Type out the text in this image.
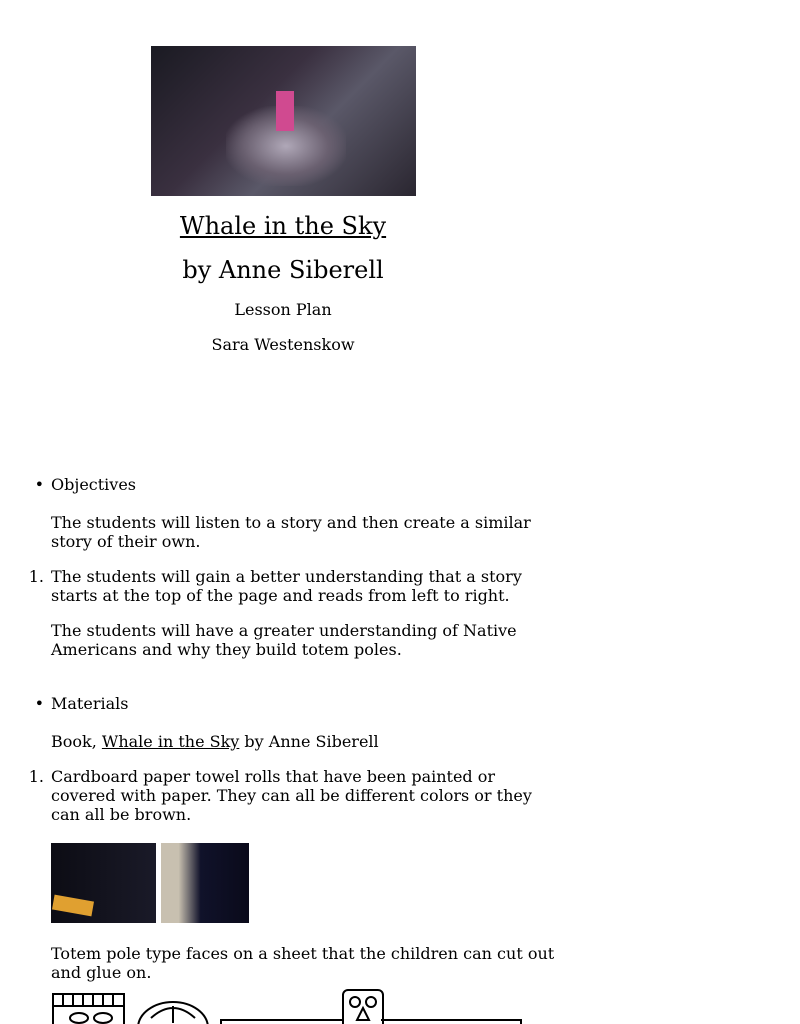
Whale in the Sky
by Anne Siberell
Lesson Plan
Sara Westenskow
• Objectives
The students will listen to a story and then create a similar story of their own.
1. The students will gain a better understanding that a story starts at the top of the page and reads from left to right.
The students will have a greater understanding of Native Americans and why they build totem poles.
• Materials
Book, Whale in the Sky by Anne Siberell
1. Cardboard paper towel rolls that have been painted or covered with paper. They can all be different colors or they can all be brown.
Totem pole type faces on a sheet that the children can cut out and glue on.
